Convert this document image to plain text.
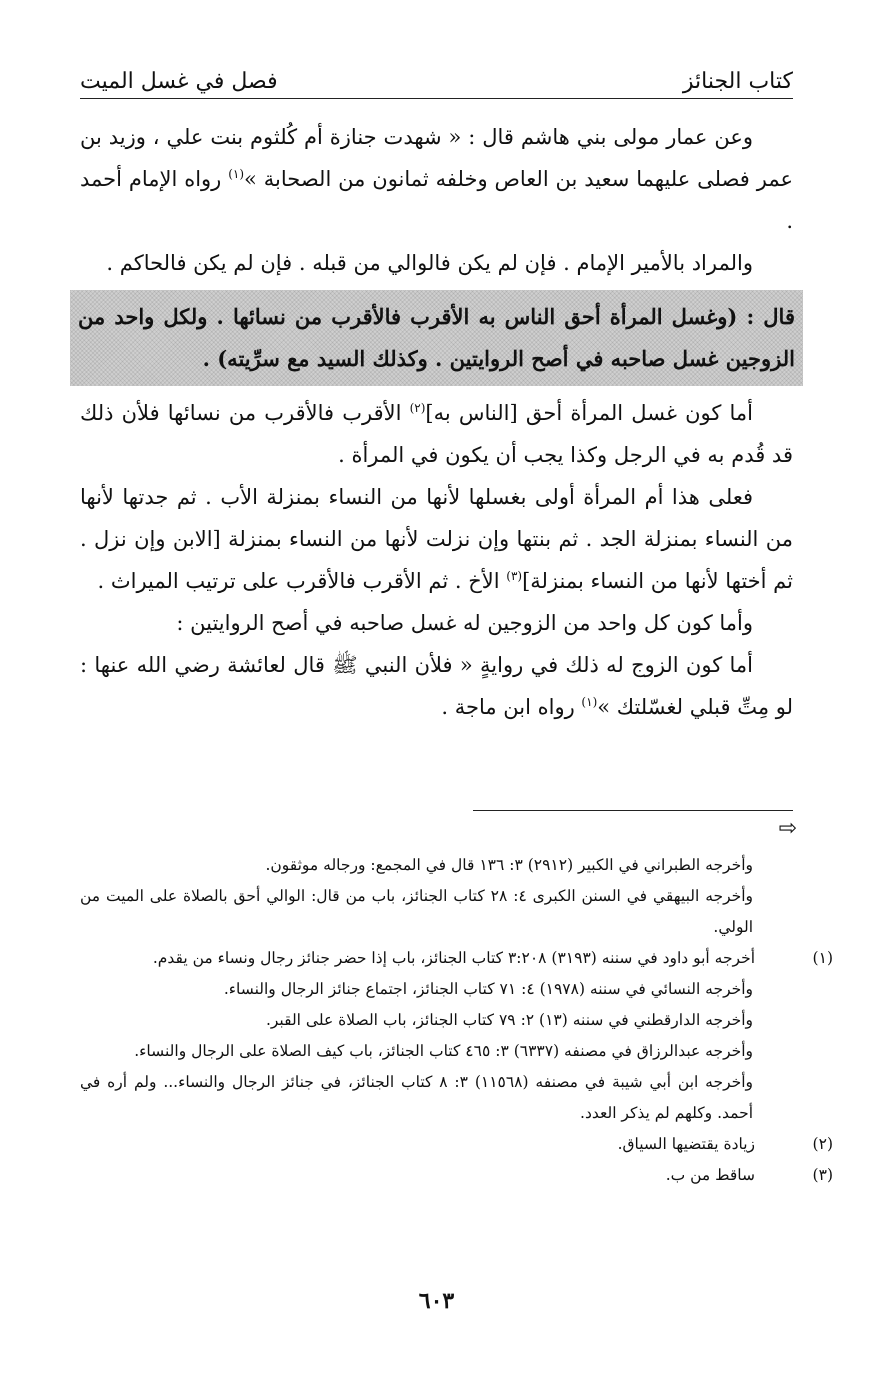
كتاب الجنائز
فصل في غسل الميت

وعن عمار مولى بني هاشم قال : « شهدت جنازة أم كُلثوم بنت علي ، وزيد بن عمر فصلى عليهما سعيد بن العاص وخلفه ثمانون من الصحابة »$^{(١)}$ رواه الإمام أحمد .

والمراد بالأمير الإمام . فإن لم يكن فالوالي من قبله . فإن لم يكن فالحاكم .

قال : (وغسل المرأة أحق الناس به الأقرب فالأقرب من نسائها . ولكل واحد من الزوجين غسل صاحبه في أصح الروايتين . وكذلك السيد مع سرِّيته) .

أما كون غسل المرأة أحق [الناس به]$^{(٢)}$ الأقرب فالأقرب من نسائها فلأن ذلك قد قُدم به في الرجل وكذا يجب أن يكون في المرأة .

فعلى هذا أم المرأة أولى بغسلها لأنها من النساء بمنزلة الأب . ثم جدتها لأنها من النساء بمنزلة الجد . ثم بنتها وإن نزلت لأنها من النساء بمنزلة [الابن وإن نزل . ثم أختها لأنها من النساء بمنزلة]$^{(٣)}$ الأخ . ثم الأقرب فالأقرب على ترتيب الميراث .

وأما كون كل واحد من الزوجين له غسل صاحبه في أصح الروايتين :

أما كون الزوج له ذلك في روايةٍ « فلأن النبي ﷺ قال لعائشة رضي الله عنها : لو مِتِّ قبلي لغسّلتك »$^{(١)}$ رواه ابن ماجة .

⇨

وأخرجه الطبراني في الكبير (٢٩١٢) ٣: ١٣٦ قال في المجمع: ورجاله موثقون.

وأخرجه البيهقي في السنن الكبرى ٤: ٢٨ كتاب الجنائز، باب من قال: الوالي أحق بالصلاة على الميت من الولي.

(١)أخرجه أبو داود في سننه (٣١٩٣) ٣:٢٠٨ كتاب الجنائز، باب إذا حضر جنائز رجال ونساء من يقدم.

وأخرجه النسائي في سننه (١٩٧٨) ٤: ٧١ كتاب الجنائز، اجتماع جنائز الرجال والنساء.

وأخرجه الدارقطني في سننه (١٣) ٢: ٧٩ كتاب الجنائز، باب الصلاة على القبر.

وأخرجه عبدالرزاق في مصنفه (٦٣٣٧) ٣: ٤٦٥ كتاب الجنائز، باب كيف الصلاة على الرجال والنساء.

وأخرجه ابن أبي شيبة في مصنفه (١١٥٦٨) ٣: ٨ كتاب الجنائز، في جنائز الرجال والنساء... ولم أره في أحمد. وكلهم لم يذكر العدد.

(٢)زيادة يقتضيها السياق.

(٣)ساقط من ب.

٦٠٣
